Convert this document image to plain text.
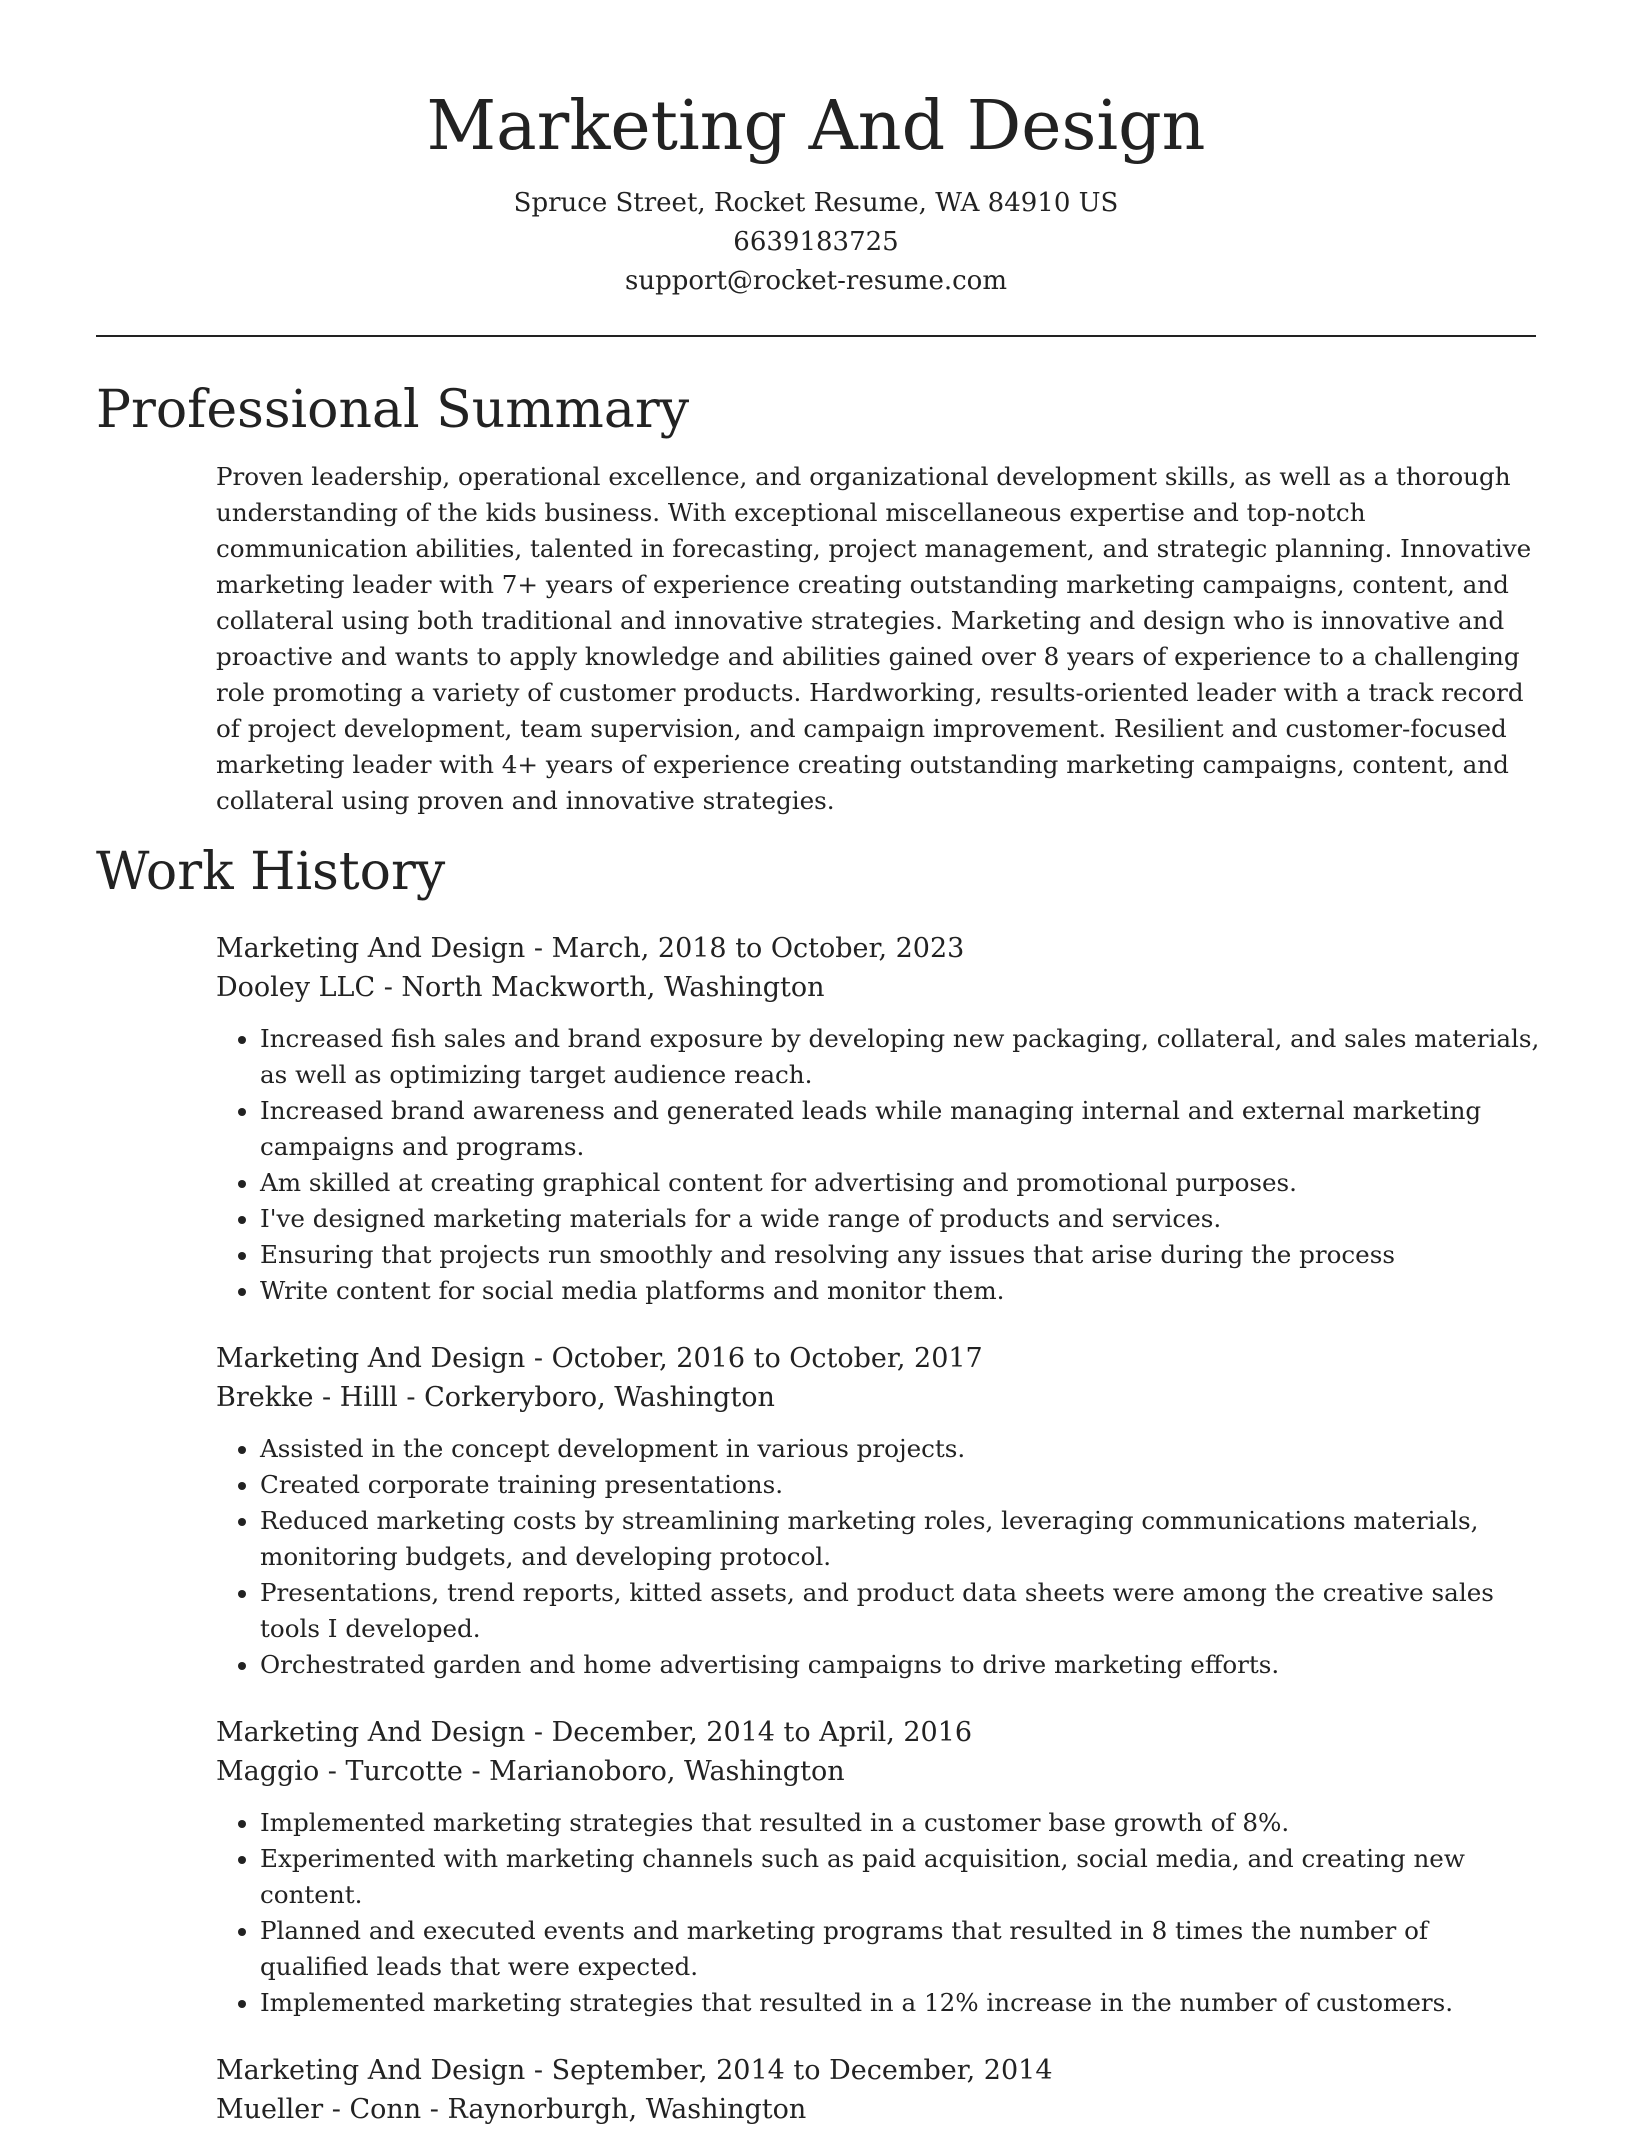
Marketing And Design
Spruce Street, Rocket Resume, WA 84910 US
6639183725
support@rocket-resume.com
Professional Summary
Proven leadership, operational excellence, and organizational development skills, as well as a thorough understanding of the kids business. With exceptional miscellaneous expertise and top-notch communication abilities, talented in forecasting, project management, and strategic planning. Innovative marketing leader with 7+ years of experience creating outstanding marketing campaigns, content, and collateral using both traditional and innovative strategies. Marketing and design who is innovative and proactive and wants to apply knowledge and abilities gained over 8 years of experience to a challenging role promoting a variety of customer products. Hardworking, results-oriented leader with a track record of project development, team supervision, and campaign improvement. Resilient and customer-focused marketing leader with 4+ years of experience creating outstanding marketing campaigns, content, and collateral using proven and innovative strategies.
Work History
Marketing And Design - March, 2018 to October, 2023
Dooley LLC - North Mackworth, Washington
• Increased fish sales and brand exposure by developing new packaging, collateral, and sales materials, as well as optimizing target audience reach.
• Increased brand awareness and generated leads while managing internal and external marketing campaigns and programs.
• Am skilled at creating graphical content for advertising and promotional purposes.
• I've designed marketing materials for a wide range of products and services.
• Ensuring that projects run smoothly and resolving any issues that arise during the process
• Write content for social media platforms and monitor them.
Marketing And Design - October, 2016 to October, 2017
Brekke - Hilll - Corkeryboro, Washington
• Assisted in the concept development in various projects.
• Created corporate training presentations.
• Reduced marketing costs by streamlining marketing roles, leveraging communications materials, monitoring budgets, and developing protocol.
• Presentations, trend reports, kitted assets, and product data sheets were among the creative sales tools I developed.
• Orchestrated garden and home advertising campaigns to drive marketing efforts.
Marketing And Design - December, 2014 to April, 2016
Maggio - Turcotte - Marianoboro, Washington
• Implemented marketing strategies that resulted in a customer base growth of 8%.
• Experimented with marketing channels such as paid acquisition, social media, and creating new content.
• Planned and executed events and marketing programs that resulted in 8 times the number of qualified leads that were expected.
• Implemented marketing strategies that resulted in a 12% increase in the number of customers.
Marketing And Design - September, 2014 to December, 2014
Mueller - Conn - Raynorburgh, Washington
